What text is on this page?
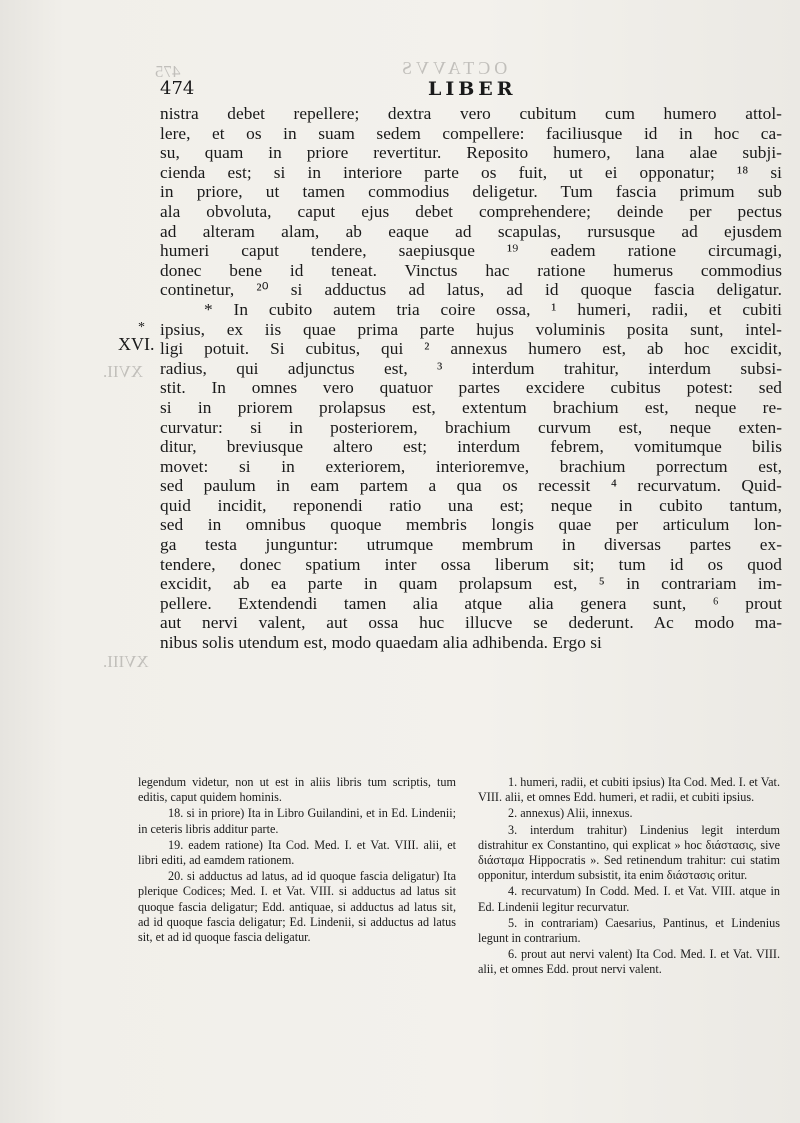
475	OCTAVVS
XVII.
XVIII.
474	LIBER
*
XVI.
nistra debet repellere; dextra vero cubitum cum humero attol-
lere, et os in suam sedem compellere: faciliusque id in hoc ca-
su, quam in priore revertitur. Reposito humero, lana alae subji-
cienda est; si in interiore parte os fuit, ut ei opponatur; ¹⁸ si
in priore, ut tamen commodius deligetur. Tum fascia primum sub
ala obvoluta, caput ejus debet comprehendere; deinde per pectus
ad alteram alam, ab eaque ad scapulas, rursusque ad ejusdem
humeri caput tendere, saepiusque ¹⁹ eadem ratione circumagi,
donec bene id teneat. Vinctus hac ratione humerus commodius
continetur, ²⁰ si adductus ad latus, ad id quoque fascia deligatur.
* In cubito autem tria coire ossa, ¹ humeri, radii, et cubiti
ipsius, ex iis quae prima parte hujus voluminis posita sunt, intel-
ligi potuit. Si cubitus, qui ² annexus humero est, ab hoc excidit,
radius, qui adjunctus est, ³ interdum trahitur, interdum subsi-
stit. In omnes vero quatuor partes excidere cubitus potest: sed
si in priorem prolapsus est, extentum brachium est, neque re-
curvatur: si in posteriorem, brachium curvum est, neque exten-
ditur, breviusque altero est; interdum febrem, vomitumque bilis
movet: si in exteriorem, interioremve, brachium porrectum est,
sed paulum in eam partem a qua os recessit ⁴ recurvatum. Quid-
quid incidit, reponendi ratio una est; neque in cubito tantum,
sed in omnibus quoque membris longis quae per articulum lon-
ga testa junguntur: utrumque membrum in diversas partes ex-
tendere, donec spatium inter ossa liberum sit; tum id os quod
excidit, ab ea parte in quam prolapsum est, ⁵ in contrariam im-
pellere. Extendendi tamen alia atque alia genera sunt, ⁶ prout
aut nervi valent, aut ossa huc illucve se dederunt. Ac modo ma-
nibus solis utendum est, modo quaedam alia adhibenda. Ergo si

legendum videtur, non ut est in aliis libris tum scriptis, tum editis, caput quidem hominis.

18. si in priore) Ita in Libro Guilandini, et in Ed. Lindenii; in ceteris libris additur parte.

19. eadem ratione) Ita Cod. Med. I. et Vat. VIII. alii, et libri editi, ad eamdem rationem.

20. si adductus ad latus, ad id quoque fascia deligatur) Ita plerique Codices; Med. I. et Vat. VIII. si adductus ad latus sit quoque fascia deligatur; Edd. antiquae, si adductus ad latus sit, ad id quoque fascia deligatur; Ed. Lindenii, si adductus ad latus sit, et ad id quoque fascia deligatur.

1. humeri, radii, et cubiti ipsius) Ita Cod. Med. I. et Vat. VIII. alii, et omnes Edd. humeri, et radii, et cubiti ipsius.

2. annexus) Alii, innexus.

3. interdum trahitur) Lindenius legit interdum distrahitur ex Constantino, qui explicat » hoc διάστασις, sive διάσταμα Hippocratis ». Sed retinendum trahitur: cui statim opponitur, interdum subsistit, ita enim διάστασις oritur.

4. recurvatum) In Codd. Med. I. et Vat. VIII. atque in Ed. Lindenii legitur recurvatur.

5. in contrariam) Caesarius, Pantinus, et Lindenius legunt in contrarium.

6. prout aut nervi valent) Ita Cod. Med. I. et Vat. VIII. alii, et omnes Edd. prout nervi valent.
